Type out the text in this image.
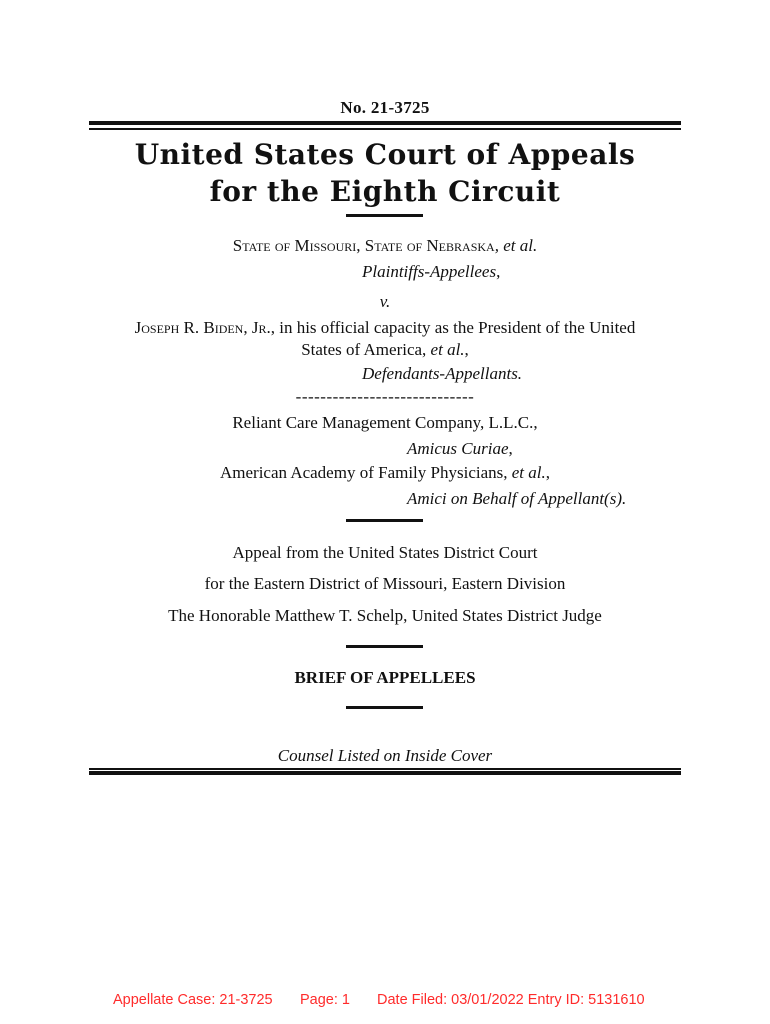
No. 21-3725
United States Court of Appeals
for the Eighth Circuit
State of Missouri, State of Nebraska, et al.
Plaintiffs-Appellees,
v.
Joseph R. Biden, Jr., in his official capacity as the President of the United
States of America, et al.,
Defendants-Appellants.
-----------------------------
Reliant Care Management Company, L.L.C.,
Amicus Curiae,
American Academy of Family Physicians, et al.,
Amici on Behalf of Appellant(s).
Appeal from the United States District Court
for the Eastern District of Missouri, Eastern Division
The Honorable Matthew T. Schelp, United States District Judge
BRIEF OF APPELLEES
Counsel Listed on Inside Cover
Appellate Case: 21-3725 Page: 1 Date Filed: 03/01/2022 Entry ID: 5131610
